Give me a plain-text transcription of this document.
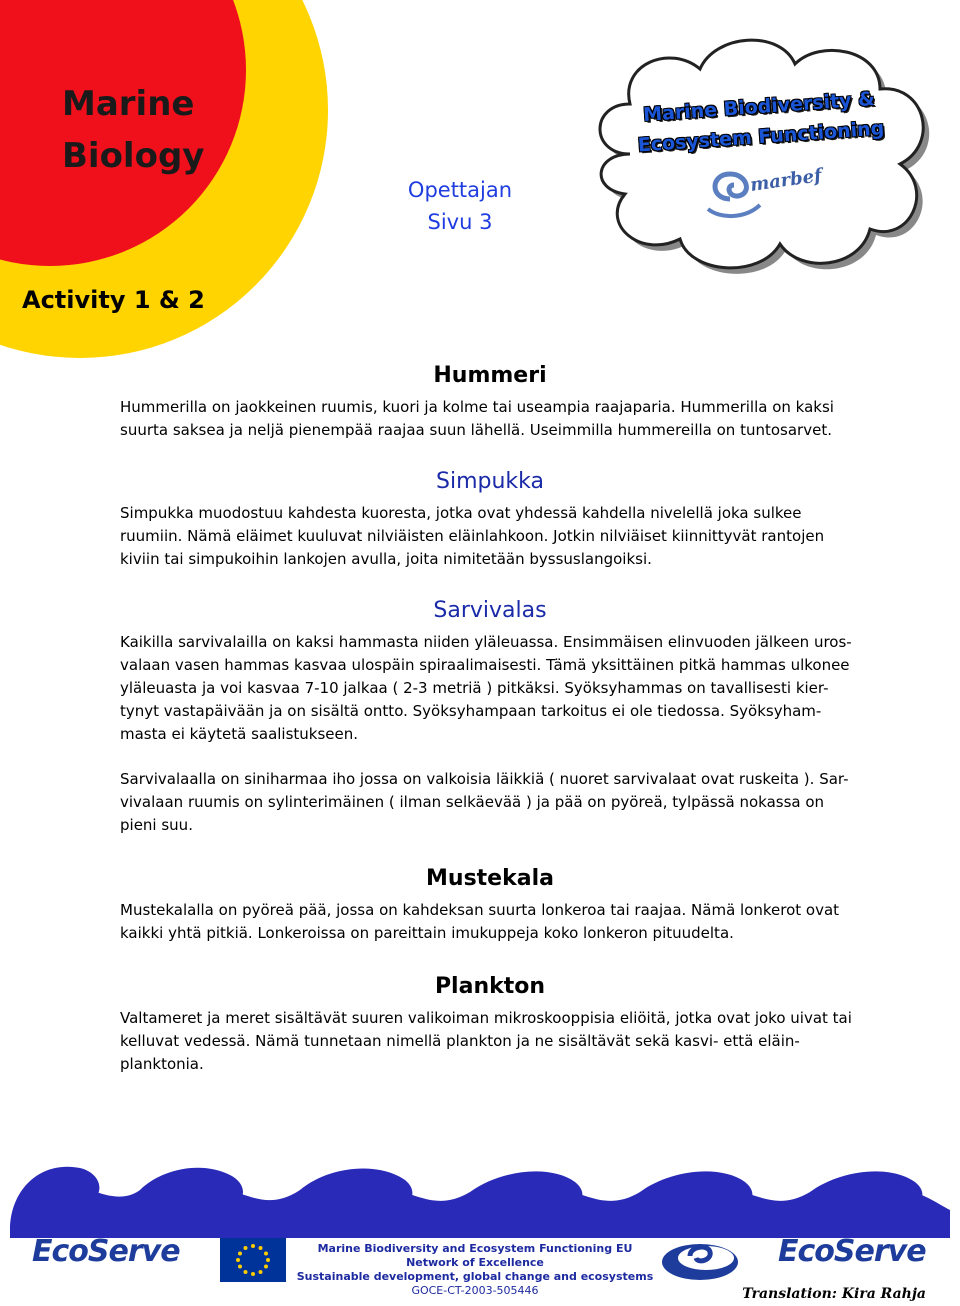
Marine
Biology
Activity 1 & 2
Opettajan
Sivu 3
Marine Biodiversity &
Ecosystem Functioning
marbef
Hummeri

Hummerilla on jaokkeinen ruumis, kuori ja kolme tai useampia raajaparia. Hummerilla on kaksi suurta saksea ja neljä pienempää raajaa suun lähellä. Useimmilla hummereilla on tuntosarvet.

Simpukka

Simpukka muodostuu kahdesta kuoresta, jotka ovat yhdessä kahdella nivelellä joka sulkee ruumiin. Nämä eläimet kuuluvat nilviäisten eläinlahkoon. Jotkin nilviäiset kiinnittyvät rantojen kiviin tai simpukoihin lankojen avulla, joita nimitetään byssuslangoiksi.

Sarvivalas

Kaikilla sarvivalailla on kaksi hammasta niiden yläleuassa. Ensimmäisen elinvuoden jälkeen uros-valaan vasen hammas kasvaa ulospäin spiraalimaisesti. Tämä yksittäinen pitkä hammas ulkonee yläleuasta ja voi kasvaa 7-10 jalkaa ( 2-3 metriä ) pitkäksi. Syöksyhammas on tavallisesti kier-tynyt vastapäivään ja on sisältä ontto. Syöksyhampaan tarkoitus ei ole tiedossa. Syöksyham-masta ei käytetä saalistukseen.

Sarvivalaalla on siniharmaa iho jossa on valkoisia läikkiä ( nuoret sarvivalaat ovat ruskeita ). Sar-vivalaan ruumis on sylinterimäinen ( ilman selkäevää ) ja pää on pyöreä, tylpässä nokassa on pieni suu.

Mustekala

Mustekalalla on pyöreä pää, jossa on kahdeksan suurta lonkeroa tai raajaa. Nämä lonkerot ovat kaikki yhtä pitkiä. Lonkeroissa on pareittain imukuppeja koko lonkeron pituudelta.

Plankton

Valtameret ja meret sisältävät suuren valikoiman mikroskooppisia eliöitä, jotka ovat joko uivat tai kelluvat vedessä. Nämä tunnetaan nimellä plankton ja ne sisältävät sekä kasvi- että eläin-planktonia.

EcoServe	Marine Biodiversity and Ecosystem Functioning EU Network of Excellence
Sustainable development, global change and ecosystems
GOCE-CT-2003-505446
EcoServe
Translation: Kira Rahja
